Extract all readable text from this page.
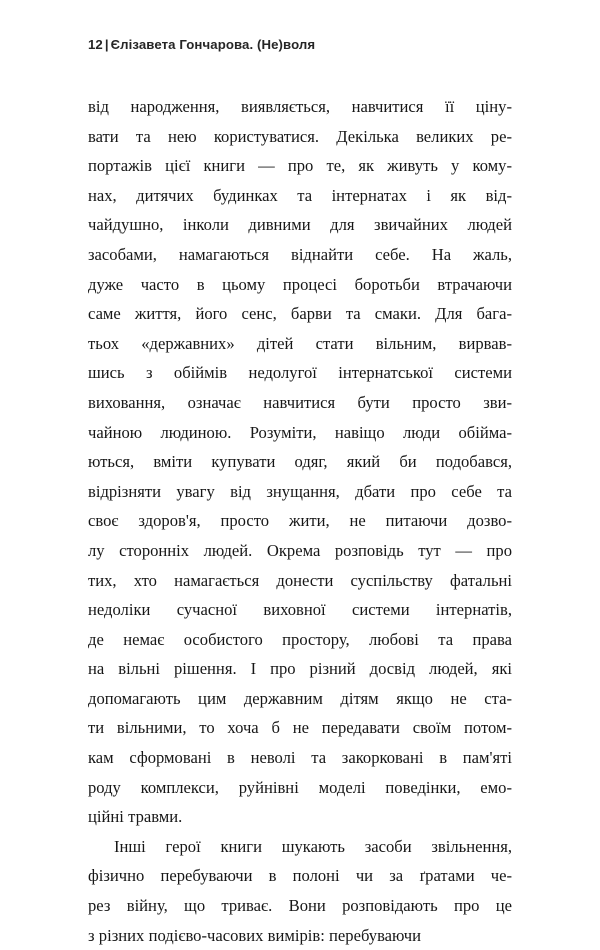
12 | Єлізавета Гончарова. (Не)воля

від народження, виявляється, навчитися її ціну-
вати та нею користуватися. Декілька великих ре-
портажів цієї книги — про те, як живуть у кому-
нах, дитячих будинках та інтернатах і як від-
чайдушно, інколи дивними для звичайних людей
засобами, намагаються віднайти себе. На жаль,
дуже часто в цьому процесі боротьби втрачаючи
саме життя, його сенс, барви та смаки. Для бага-
тьох «державних» дітей стати вільним, вирвав-
шись з обіймів недолугої інтернатської системи
виховання, означає навчитися бути просто зви-
чайною людиною. Розуміти, навіщо люди обійма-
ються, вміти купувати одяг, який би подобався,
відрізняти увагу від знущання, дбати про себе та
своє здоров'я, просто жити, не питаючи дозво-
лу сторонніх людей. Окрема розповідь тут — про
тих, хто намагається донести суспільству фатальні
недоліки сучасної виховної системи інтернатів,
де немає особистого простору, любові та права
на вільні рішення. І про різний досвід людей, які
допомагають цим державним дітям якщо не ста-
ти вільними, то хоча б не передавати своїм потом-
кам сформовані в неволі та закорковані в пам'яті
роду комплекси, руйнівні моделі поведінки, емо-
ційні травми.

Інші герої книги шукають засоби звільнення,
фізично перебуваючи в полоні чи за ґратами че-
рез війну, що триває. Вони розповідають про це
з різних подієво-часових вимірів: перебуваючи
